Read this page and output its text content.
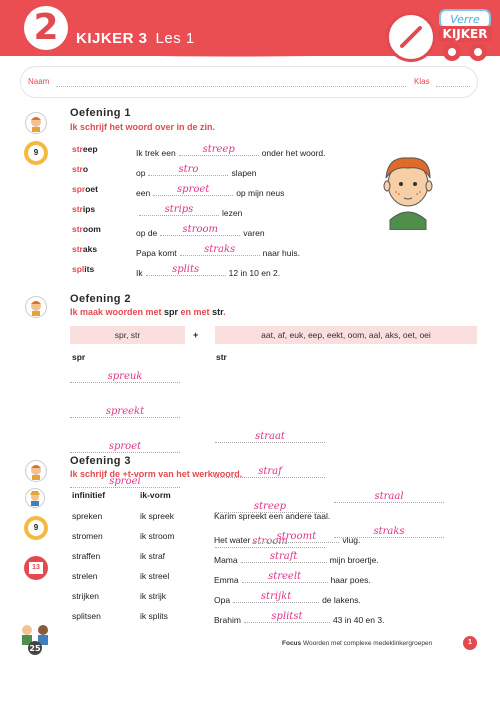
2	KIJKER 3 Les 1
Verre
KIJKER
Naam	Klas
Oefening 1
Ik schrijf het woord over in de zin.
9	streep	Ik trek een	streep	onder het woord.
stro	op	stro	slapen
sproet	een	sproet	op mijn neus
strips	strips	lezen
stroom	op de	stroom	varen
straks	Papa komt	straks	naar huis.
splits	Ik	splits	12 in 10 en 2.
Oefening 2
Ik maak woorden met spr en met str.
spr, str	+	aat, af, euk, eep, eekt, oom, aal, aks, oet, oei
spr	str
spreuk
spreekt
sproet
sproei
straat
straf
streep
stroom
straal
straks
Oefening 3
Ik schrijf de +t-vorm van het werkwoord.
infinitief	ik-vorm
9
13
spreken	ik spreek	Karim spreekt een andere taal.
stromen	ik stroom	Het water	stroomt	vlug.
straffen	ik straf	Mama	straft	mijn broertje.
strelen	ik streel	Emma	streelt	haar poes.
strijken	ik strijk	Opa	strijkt	de lakens.
splitsen	ik splits	Brahim	splitst	43 in 40 en 3.
25
Focus Woorden met complexe medeklinkergroepen	1
